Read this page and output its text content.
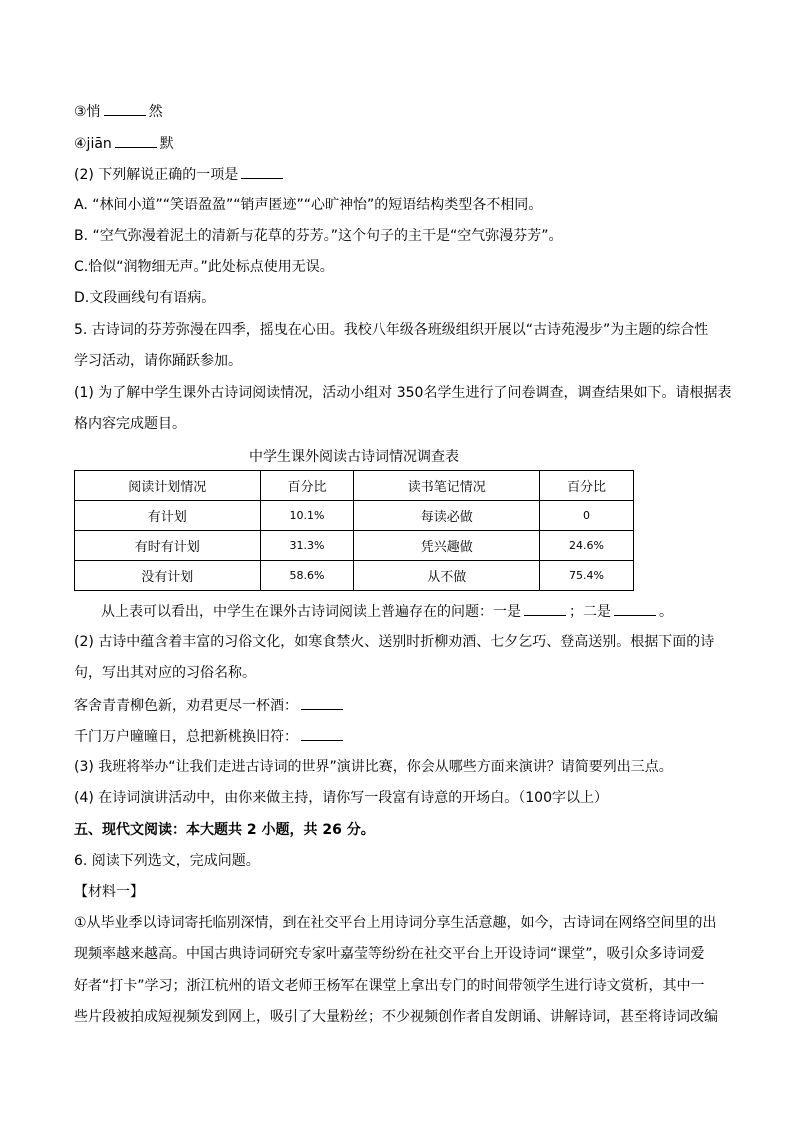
③悄	然
④jiān	默
(2) 下列解说正确的一项是
A. “林间小道”“笑语盈盈”“销声匿迹”“心旷神怡”的短语结构类型各不相同。
B. “空气弥漫着泥土的清新与花草的芬芳。”这个句子的主干是“空气弥漫芬芳”。
C.恰似“润物细无声。”此处标点使用无误。
D.文段画线句有语病。
5. 古诗词的芬芳弥漫在四季，摇曳在心田。我校八年级各班级组织开展以“古诗苑漫步”为主题的综合性
学习活动，请你踊跃参加。
(1) 为了解中学生课外古诗词阅读情况，活动小组对 350名学生进行了问卷调查，调查结果如下。请根据表
格内容完成题目。
中学生课外阅读古诗词情况调查表
阅读计划情况	百分比	读书笔记情况	百分比
有计划	10.1%	每读必做	0
有时有计划	31.3%	凭兴趣做	24.6%
没有计划	58.6%	从不做	75.4%
从上表可以看出，中学生在课外古诗词阅读上普遍存在的问题：一是	；二是	。
(2) 古诗中蕴含着丰富的习俗文化，如寒食禁火、送别时折柳劝酒、七夕乞巧、登高送别。根据下面的诗
句，写出其对应的习俗名称。
客舍青青柳色新，劝君更尽一杯酒：
千门万户曈曈日，总把新桃换旧符：
(3) 我班将举办“让我们走进古诗词的世界”演讲比赛，你会从哪些方面来演讲？请简要列出三点。
(4) 在诗词演讲活动中，由你来做主持，请你写一段富有诗意的开场白。（100字以上）
五、现代文阅读：本大题共 2 小题，共 26 分。
6. 阅读下列选文，完成问题。
【材料一】
①从毕业季以诗词寄托临别深情，到在社交平台上用诗词分享生活意趣，如今，古诗词在网络空间里的出
现频率越来越高。中国古典诗词研究专家叶嘉莹等纷纷在社交平台上开设诗词“课堂”，吸引众多诗词爱
好者“打卡”学习；浙江杭州的语文老师王杨军在课堂上拿出专门的时间带领学生进行诗文赏析，其中一
些片段被拍成短视频发到网上，吸引了大量粉丝；不少视频创作者自发朗诵、讲解诗词，甚至将诗词改编
